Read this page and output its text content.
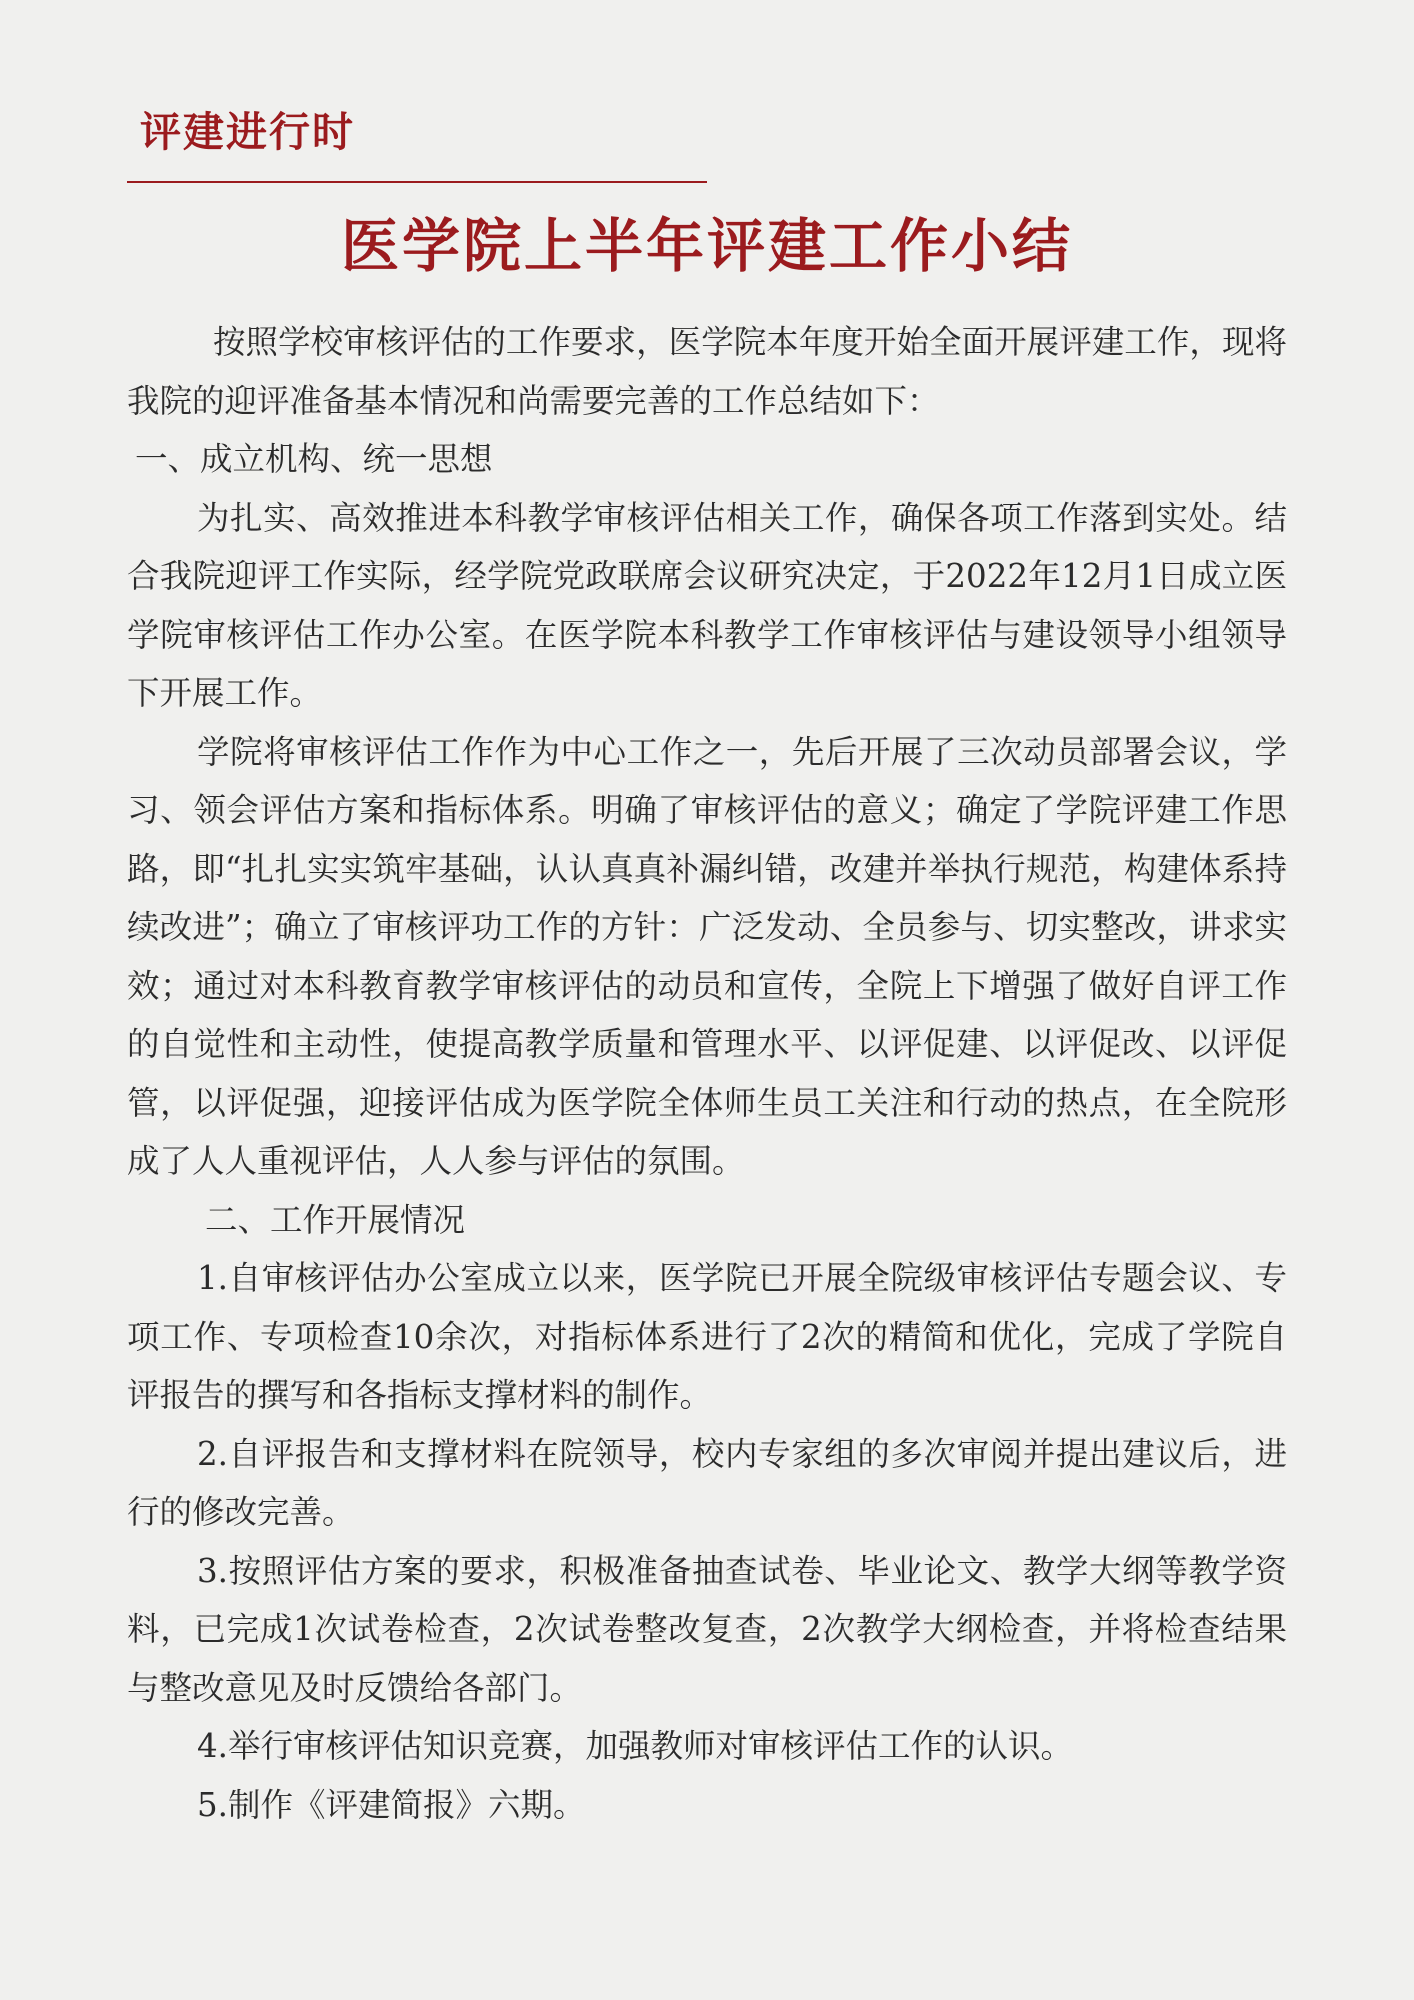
评建进行时
医学院上半年评建工作小结

按照学校审核评估的工作要求，医学院本年度开始全面开展评建工作，现将我院的迎评准备基本情况和尚需要完善的工作总结如下：

一、成立机构、统一思想

为扎实、高效推进本科教学审核评估相关工作，确保各项工作落到实处。结合我院迎评工作实际，经学院党政联席会议研究决定，于2022年12月1日成立医学院审核评估工作办公室。在医学院本科教学工作审核评估与建设领导小组领导下开展工作。

学院将审核评估工作作为中心工作之一，先后开展了三次动员部署会议，学习、领会评估方案和指标体系。明确了审核评估的意义；确定了学院评建工作思路，即“扎扎实实筑牢基础，认认真真补漏纠错，改建并举执行规范，构建体系持续改进”；确立了审核评功工作的方针：广泛发动、全员参与、切实整改，讲求实效；通过对本科教育教学审核评估的动员和宣传，全院上下增强了做好自评工作的自觉性和主动性，使提高教学质量和管理水平、以评促建、以评促改、以评促管，以评促强，迎接评估成为医学院全体师生员工关注和行动的热点，在全院形成了人人重视评估，人人参与评估的氛围。

二、工作开展情况

1.自审核评估办公室成立以来，医学院已开展全院级审核评估专题会议、专项工作、专项检查10余次，对指标体系进行了2次的精简和优化，完成了学院自评报告的撰写和各指标支撑材料的制作。

2.自评报告和支撑材料在院领导，校内专家组的多次审阅并提出建议后，进行的修改完善。

3.按照评估方案的要求，积极准备抽查试卷、毕业论文、教学大纲等教学资料，已完成1次试卷检查，2次试卷整改复查，2次教学大纲检查，并将检查结果与整改意见及时反馈给各部门。

4.举行审核评估知识竞赛，加强教师对审核评估工作的认识。

5.制作《评建简报》六期。
